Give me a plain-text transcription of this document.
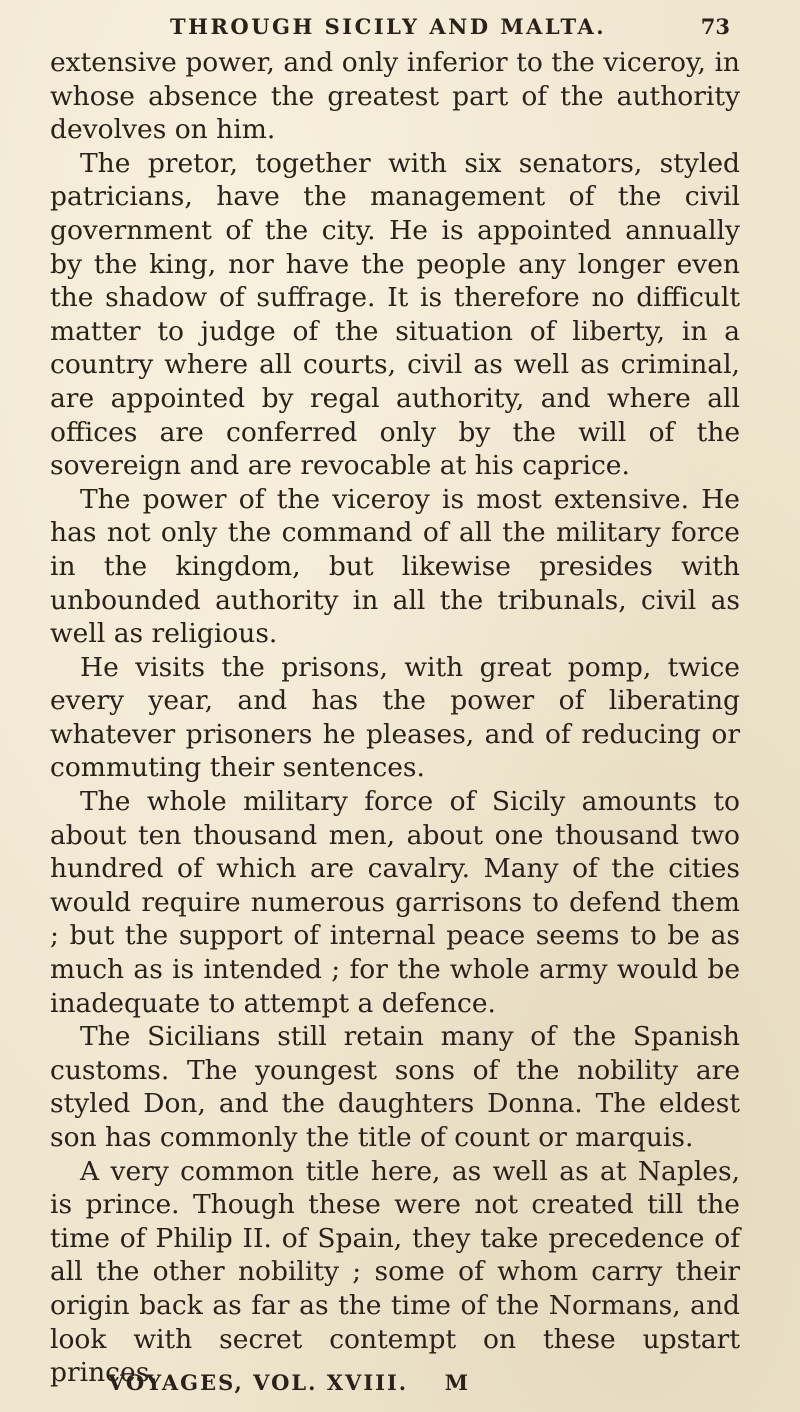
THROUGH SICILY AND MALTA.	73

extensive power, and only inferior to the viceroy, in whose absence the greatest part of the authority devolves on him.

The pretor, together with six senators, styled patricians, have the management of the civil government of the city. He is appointed annually by the king, nor have the people any longer even the shadow of suffrage. It is therefore no difficult matter to judge of the situation of liberty, in a country where all courts, civil as well as criminal, are appointed by regal authority, and where all offices are conferred only by the will of the sovereign and are revocable at his caprice.

The power of the viceroy is most extensive. He has not only the command of all the military force in the kingdom, but likewise presides with unbounded authority in all the tribunals, civil as well as religious.

He visits the prisons, with great pomp, twice every year, and has the power of liberating whatever prisoners he pleases, and of reducing or commuting their sentences.

The whole military force of Sicily amounts to about ten thousand men, about one thousand two hundred of which are cavalry. Many of the cities would require numerous garrisons to defend them ; but the support of internal peace seems to be as much as is intended ; for the whole army would be inadequate to attempt a defence.

The Sicilians still retain many of the Spanish customs. The youngest sons of the nobility are styled Don, and the daughters Donna. The eldest son has commonly the title of count or marquis.

A very common title here, as well as at Naples, is prince. Though these were not created till the time of Philip II. of Spain, they take precedence of all the other nobility ; some of whom carry their origin back as far as the time of the Normans, and look with secret contempt on these upstart princes.

VOYAGES, VOL. XVIII. M
